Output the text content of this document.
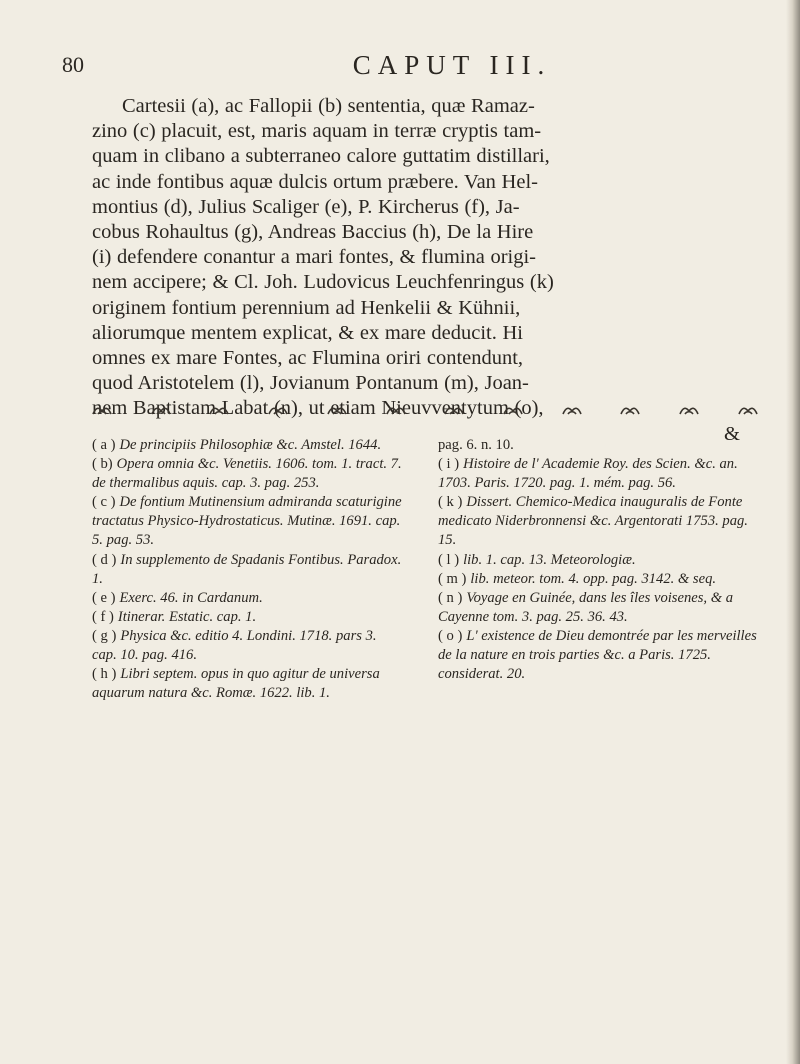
80	CAPUT III.

Cartesii (a), ac Fallopii (b) sententia, quæ Ramaz-

zino (c) placuit, est, maris aquam in terræ cryptis tam-

quam in clibano a subterraneo calore guttatim distillari,

ac inde fontibus aquæ dulcis ortum præbere. Van Hel-

montius (d), Julius Scaliger (e), P. Kircherus (f), Ja-

cobus Rohaultus (g), Andreas Baccius (h), De la Hire

(i) defendere conantur a mari fontes, & flumina origi-

nem accipere; & Cl. Joh. Ludovicus Leuchfenringus (k)

originem fontium perennium ad Henkelii & Kühnii,

aliorumque mentem explicat, & ex mare deducit. Hi

omnes ex mare Fontes, ac Flumina oriri contendunt,

quod Aristotelem (l), Jovianum Pontanum (m), Joan-

nem Baptistam Labat (n), ut etiam Nieuvventytum (o),

&

( a ) De principiis Philosophiæ &c. Amstel. 1644.

( b) Opera omnia &c. Venetiis. 1606. tom. 1. tract. 7. de thermalibus aquis. cap. 3. pag. 253.

( c ) De fontium Mutinensium admiranda scaturigine tractatus Physico-Hydrostaticus. Mutinæ. 1691. cap. 5. pag. 53.

( d ) In supplemento de Spadanis Fontibus. Paradox. 1.

( e ) Exerc. 46. in Cardanum.

( f ) Itinerar. Estatic. cap. 1.

( g ) Physica &c. editio 4. Londini. 1718. pars 3. cap. 10. pag. 416.

( h ) Libri septem. opus in quo agitur de universa aquarum natura &c. Romæ. 1622. lib. 1.

pag. 6. n. 10.

( i ) Histoire de l' Academie Roy. des Scien. &c. an. 1703. Paris. 1720. pag. 1. mém. pag. 56.

( k ) Dissert. Chemico-Medica inauguralis de Fonte medicato Niderbronnensi &c. Argentorati 1753. pag. 15.

( l ) lib. 1. cap. 13. Meteorologiæ.

( m ) lib. meteor. tom. 4. opp. pag. 3142. & seq.

( n ) Voyage en Guinée, dans les îles voisenes, & a Cayenne tom. 3. pag. 25. 36. 43.

( o ) L' existence de Dieu demontrée par les merveilles de la nature en trois parties &c. a Paris. 1725. considerat. 20.
